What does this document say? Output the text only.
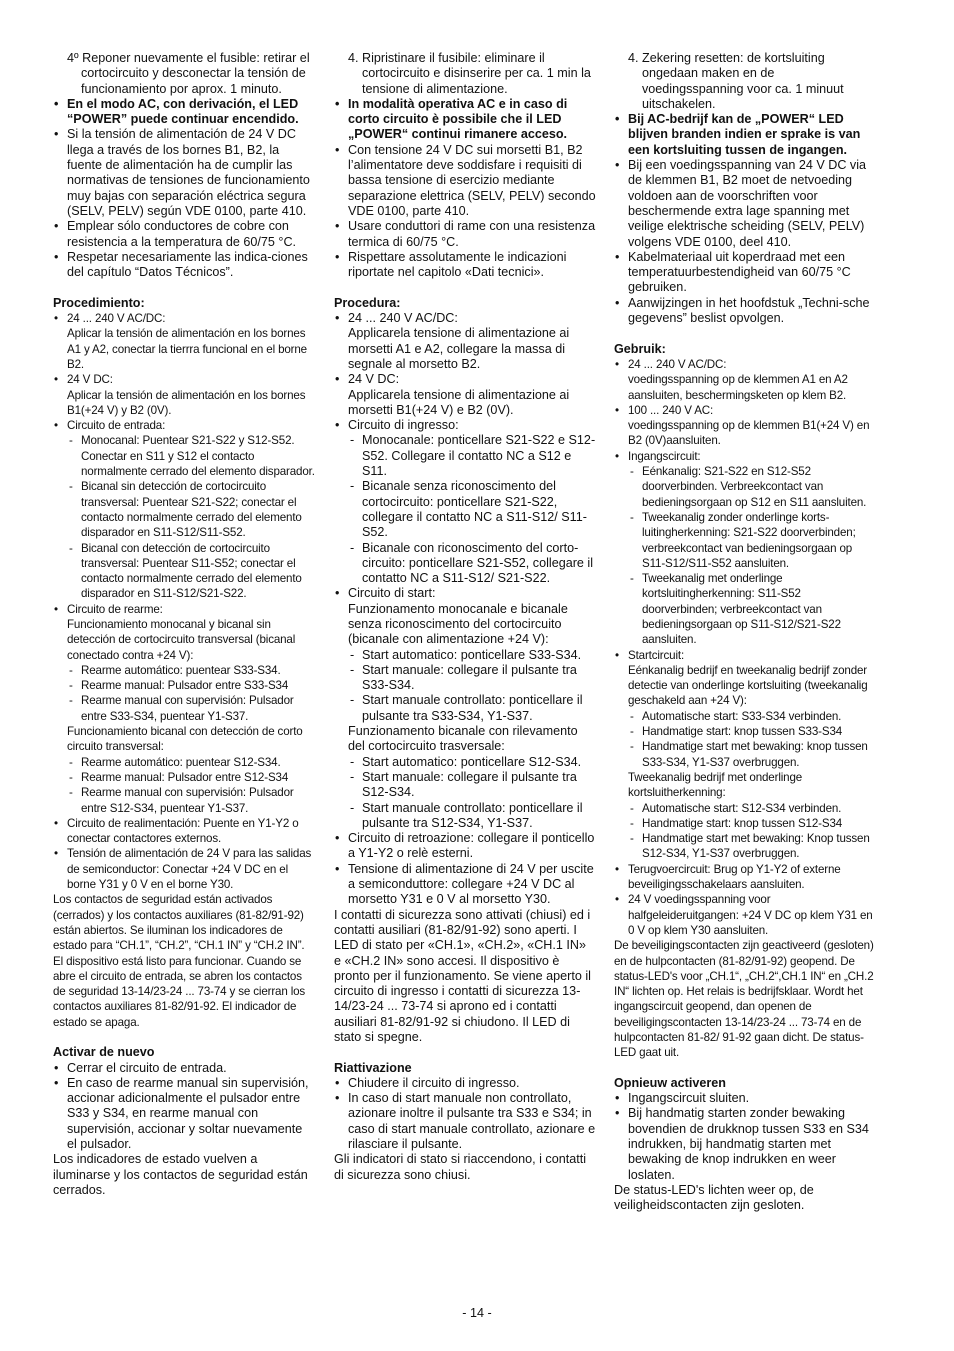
4º Reponer nuevamente el fusible: retirar el cortocircuito y desconectar la tensión de funcionamiento por aprox. 1 minuto.
• En el modo AC, con derivación, el LED “POWER” puede continuar encendido.
• Si la tensión de alimentación de 24 V DC llega a través de los bornes B1, B2, la fuente de alimentación ha de cumplir las normativas de tensiones de funcionamiento muy bajas con separación eléctrica segura (SELV, PELV) según VDE 0100, parte 410.
• Emplear sólo conductores de cobre con resistencia a la temperatura de 60/75 °C.
• Respetar necesariamente las indica-ciones del capítulo “Datos Técnicos”.
Procedimiento:
• 24 ... 240 V AC/DC:
Aplicar la tensión de alimentación en los bornes A1 y A2, conectar la tierrra funcional en el borne B2.
• 24 V DC:
Aplicar la tensión de alimentación en los bornes B1(+24 V) y B2 (0V).
• Circuito de entrada:
- Monocanal: Puentear S21-S22 y S12-S52. Conectar en S11 y S12 el contacto normalmente cerrado del elemento disparador.
- Bicanal sin detección de cortocircuito transversal: Puentear S21-S22; conectar el contacto normalmente cerrado del elemento disparador en S11-S12/S11-S52.
- Bicanal con detección de cortocircuito transversal: Puentear S11-S52; conectar el contacto normalmente cerrado del elemento disparador en S11-S12/S21-S22.
• Circuito de rearme:
Funcionamiento monocanal y bicanal sin detección de cortocircuito transversal (bicanal conectado contra +24 V):
- Rearme automático: puentear S33-S34.
- Rearme manual: Pulsador entre S33-S34
- Rearme manual con supervisión: Pulsador entre S33-S34, puentear Y1-S37.
Funcionamiento bicanal con detección de corto circuito transversal:
- Rearme automático: puentear S12-S34.
- Rearme manual: Pulsador entre S12-S34
- Rearme manual con supervisión: Pulsador entre S12-S34, puentear Y1-S37.
• Circuito de realimentación: Puente en Y1-Y2 o conectar contactores externos.
• Tensión de alimentación de 24 V para las salidas de semiconductor: Conectar +24 V DC en el borne Y31 y 0 V en el borne Y30.
Los contactos de seguridad están activados (cerrados) y los contactos auxiliares (81-82/91-92) están abiertos. Se iluminan los indicadores de estado para “CH.1”, “CH.2”, “CH.1 IN” y “CH.2 IN”. El dispositivo está listo para funcionar. Cuando se abre el circuito de entrada, se abren los contactos de seguridad 13-14/23-24 ... 73-74 y se cierran los contactos auxiliares 81-82/91-92. El indicador de estado se apaga.
Activar de nuevo
• Cerrar el circuito de entrada.
• En caso de rearme manual sin supervisión, accionar adicionalmente el pulsador entre S33 y S34, en rearme manual con supervisión, accionar y soltar nuevamente el pulsador.
Los indicadores de estado vuelven a iluminarse y los contactos de seguridad están cerrados.
4. Ripristinare il fusibile: eliminare il cortocircuito e disinserire per ca. 1 min la tensione di alimentazione.
• In modalità operativa AC e in caso di corto circuito è possibile che il LED „POWER“ continui rimanere acceso.
• Con tensione 24 V DC sui morsetti B1, B2 l’alimentatore deve soddisfare i requisiti di bassa tensione di esercizio mediante separazione elettrica (SELV, PELV) secondo VDE 0100, parte 410.
• Usare conduttori di rame con una resistenza termica di 60/75 °C.
• Rispettare assolutamente le indicazioni riportate nel capitolo «Dati tecnici».
Procedura:
• 24 ... 240 V AC/DC:
Applicarela tensione di alimentazione ai morsetti A1 e A2, collegare la massa di segnale al morsetto B2.
• 24 V DC:
Applicarela tensione di alimentazione ai morsetti B1(+24 V) e B2 (0V).
• Circuito di ingresso:
- Monocanale: ponticellare S21-S22 e S12-S52. Collegare il contatto NC a S12 e S11.
- Bicanale senza riconoscimento del cortocircuito: ponticellare S21-S22, collegare il contatto NC a S11-S12/ S11-S52.
- Bicanale con riconoscimento del corto-circuito: ponticellare S21-S52, collegare il contatto NC a S11-S12/ S21-S22.
• Circuito di start:
Funzionamento monocanale e bicanale senza riconoscimento del cortocircuito (bicanale con alimentazione +24 V):
- Start automatico: ponticellare S33-S34.
- Start manuale: collegare il pulsante tra S33-S34.
- Start manuale controllato: ponticellare il pulsante tra S33-S34, Y1-S37.
Funzionamento bicanale con rilevamento del cortocircuito trasversale:
- Start automatico: ponticellare S12-S34.
- Start manuale: collegare il pulsante tra S12-S34.
- Start manuale controllato: ponticellare il pulsante tra S12-S34, Y1-S37.
• Circuito di retroazione: collegare il ponticello a Y1-Y2 o relè esterni.
• Tensione di alimentazione di 24 V per uscite a semiconduttore: collegare +24 V DC al morsetto Y31 e 0 V al morsetto Y30.
I contatti di sicurezza sono attivati (chiusi) ed i contatti ausiliari (81-82/91-92) sono aperti. I LED di stato per «CH.1», «CH.2», «CH.1 IN» e «CH.2 IN» sono accesi. Il dispositivo è pronto per il funzionamento. Se viene aperto il circuito di ingresso i contatti di sicurezza 13-14/23-24 ... 73-74 si aprono ed i contatti ausiliari 81-82/91-92 si chiudono. Il LED di stato si spegne.
Riattivazione
• Chiudere il circuito di ingresso.
• In caso di start manuale non controllato, azionare inoltre il pulsante tra S33 e S34; in caso di start manuale controllato, azionare e rilasciare il pulsante.
Gli indicatori di stato si riaccendono, i contatti di sicurezza sono chiusi.
4. Zekering resetten: de kortsluiting ongedaan maken en de voedingsspanning voor ca. 1 minuut uitschakelen.
• Bij AC-bedrijf kan de „POWER“ LED blijven branden indien er sprake is van een kortsluiting tussen de ingangen.
• Bij een voedingsspanning van 24 V DC via de klemmen B1, B2 moet de netvoeding voldoen aan de voorschriften voor beschermende extra lage spanning met veilige elektrische scheiding (SELV, PELV) volgens VDE 0100, deel 410.
• Kabelmateriaal uit koperdraad met een temperatuurbestendigheid van 60/75 °C gebruiken.
• Aanwijzingen in het hoofdstuk „Techni-sche gegevens” beslist opvolgen.
Gebruik:
• 24 ... 240 V AC/DC:
voedingsspanning op de klemmen A1 en A2 aansluiten, beschermingsketen op klem B2.
• 100 ... 240 V AC:
voedingsspanning op de klemmen B1(+24 V) en B2 (0V)aansluiten.
• Ingangscircuit:
- Eénkanalig: S21-S22 en S12-S52 doorverbinden. Verbreekcontact van bedieningsorgaan op S12 en S11 aansluiten.
- Tweekanalig zonder onderlinge korts-luitingherkenning: S21-S22 doorverbinden; verbreekcontact van bedieningsorgaan op S11-S12/S11-S52 aansluiten.
- Tweekanalig met onderlinge kortsluitingherkenning: S11-S52 doorverbinden; verbreekcontact van bedieningsorgaan op S11-S12/S21-S22 aansluiten.
• Startcircuit:
Eénkanalig bedrijf en tweekanalig bedrijf zonder detectie van onderlinge kortsluiting (tweekanalig geschakeld aan +24 V):
- Automatische start: S33-S34 verbinden.
- Handmatige start: knop tussen S33-S34
- Handmatige start met bewaking: knop tussen S33-S34, Y1-S37 overbruggen.
Tweekanalig bedrijf met onderlinge kortsluitherkenning:
- Automatische start: S12-S34 verbinden.
- Handmatige start: knop tussen S12-S34
- Handmatige start met bewaking: Knop tussen S12-S34, Y1-S37 overbruggen.
• Terugvoercircuit: Brug op Y1-Y2 of externe beveiligingsschakelaars aansluiten.
• 24 V voedingsspanning voor halfgeleideruitgangen: +24 V DC op klem Y31 en 0 V op klem Y30 aansluiten.
De beveiligingscontacten zijn geactiveerd (gesloten) en de hulpcontacten (81-82/91-92) geopend. De status-LED's voor „CH.1“, „CH.2“,CH.1 IN“ en „CH.2 IN“ lichten op. Het relais is bedrijfsklaar. Wordt het ingangscircuit geopend, dan openen de beveiligingscontacten 13-14/23-24 ... 73-74 en de hulpcontacten 81-82/ 91-92 gaan dicht. De status-LED gaat uit.
Opnieuw activeren
• Ingangscircuit sluiten.
• Bij handmatig starten zonder bewaking bovendien de drukknop tussen S33 en S34 indrukken, bij handmatig starten met bewaking de knop indrukken en weer loslaten.
De status-LED's lichten weer op, de veiligheidscontacten zijn gesloten.
- 14 -
